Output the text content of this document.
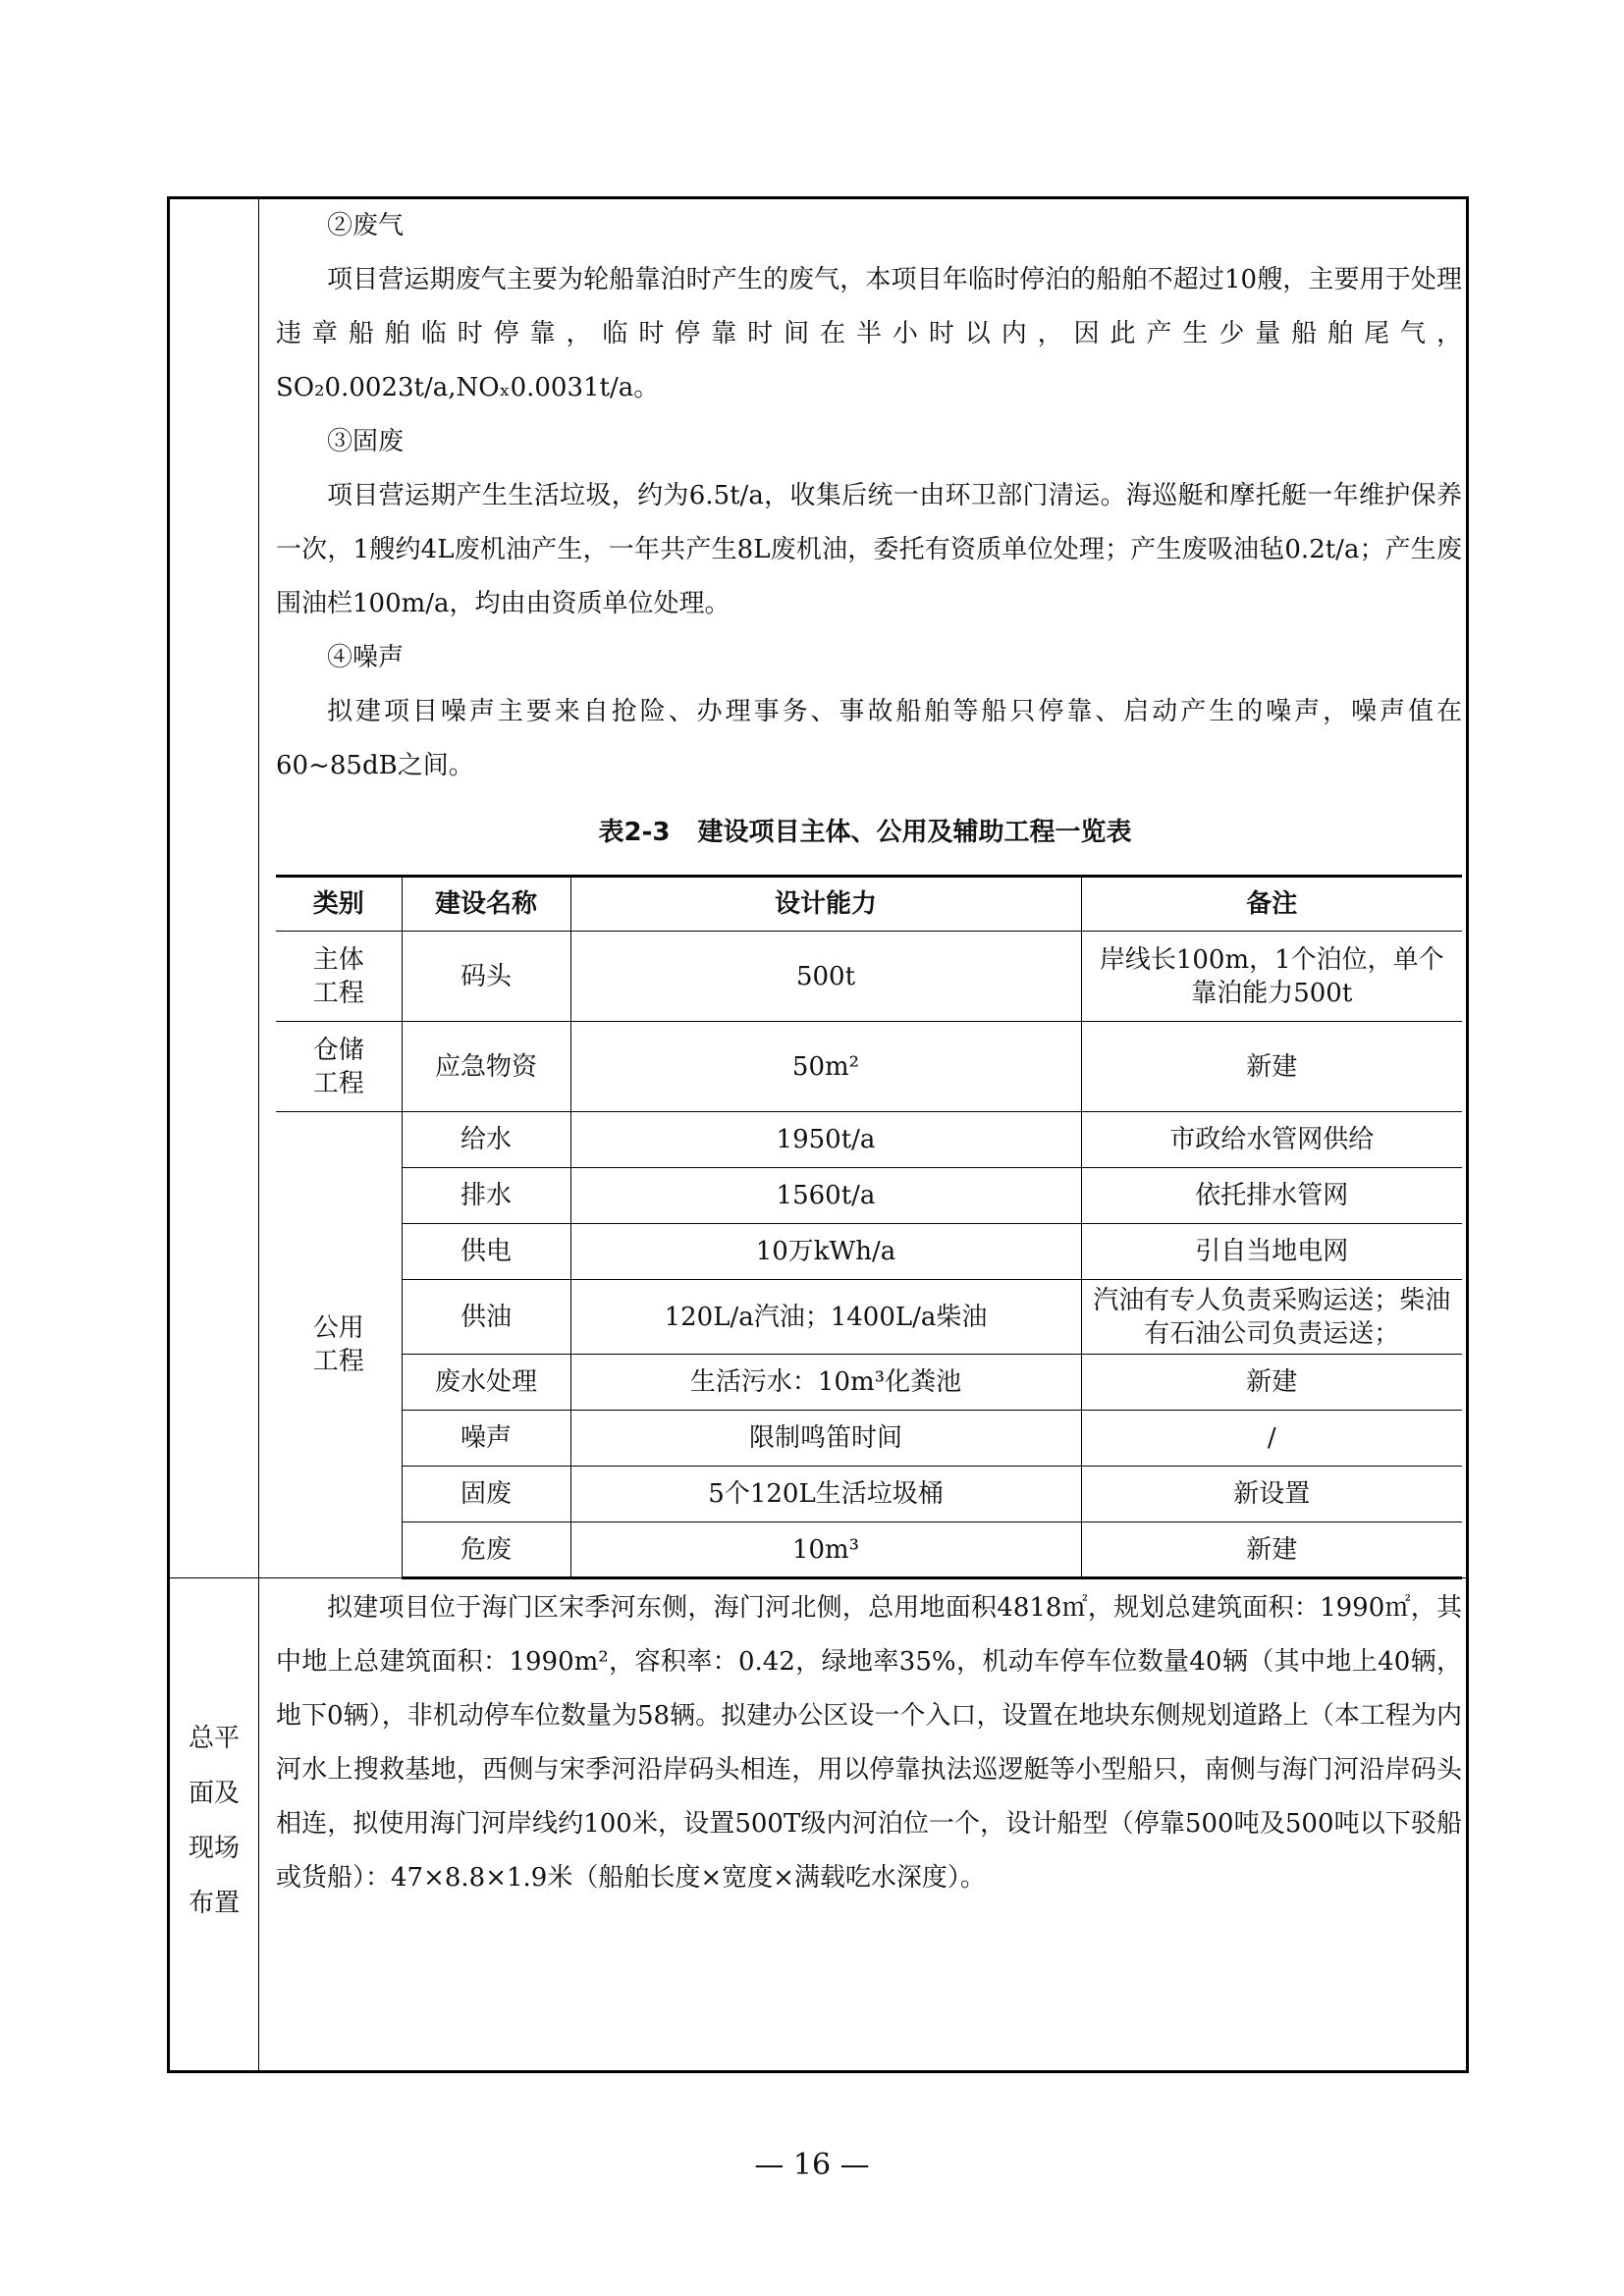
②废气

项目营运期废气主要为轮船靠泊时产生的废气，本项目年临时停泊的船舶不超过10艘，主要用于处理违章船舶临时停靠，临时停靠时间在半小时以内，因此产生少量船舶尾气，SO₂0.0023t/a,NOₓ0.0031t/a。

③固废

项目营运期产生生活垃圾，约为6.5t/a，收集后统一由环卫部门清运。海巡艇和摩托艇一年维护保养一次，1艘约4L废机油产生，一年共产生8L废机油，委托有资质单位处理；产生废吸油毡0.2t/a；产生废围油栏100m/a，均由由资质单位处理。

④噪声

拟建项目噪声主要来自抢险、办理事务、事故船舶等船只停靠、启动产生的噪声，噪声值在60~85dB之间。

表2-3 建设项目主体、公用及辅助工程一览表
类别	建设名称	设计能力	备注
主体
工程	码头	500t	岸线长100m，1个泊位，单个靠泊能力500t
仓储
工程	应急物资	50m²	新建
公用
工程	给水	1950t/a	市政给水管网供给
	排水	1560t/a	依托排水管网
	供电	10万kWh/a	引自当地电网
	供油	120L/a汽油；1400L/a柴油	汽油有专人负责采购运送；柴油有石油公司负责运送；
	废水处理	生活污水：10m³化粪池	新建
	噪声	限制鸣笛时间	/
	固废	5个120L生活垃圾桶	新设置
	危废	10m³	新建
总平
面及
现场
布置

拟建项目位于海门区宋季河东侧，海门河北侧，总用地面积4818㎡，规划总建筑面积：1990㎡，其中地上总建筑面积：1990m²，容积率：0.42，绿地率35%，机动车停车位数量40辆（其中地上40辆，地下0辆），非机动停车位数量为58辆。拟建办公区设一个入口，设置在地块东侧规划道路上（本工程为内河水上搜救基地，西侧与宋季河沿岸码头相连，用以停靠执法巡逻艇等小型船只，南侧与海门河沿岸码头相连，拟使用海门河岸线约100米，设置500T级内河泊位一个，设计船型（停靠500吨及500吨以下驳船或货船）：47×8.8×1.9米（船舶长度×宽度×满载吃水深度）。

— 16 —
